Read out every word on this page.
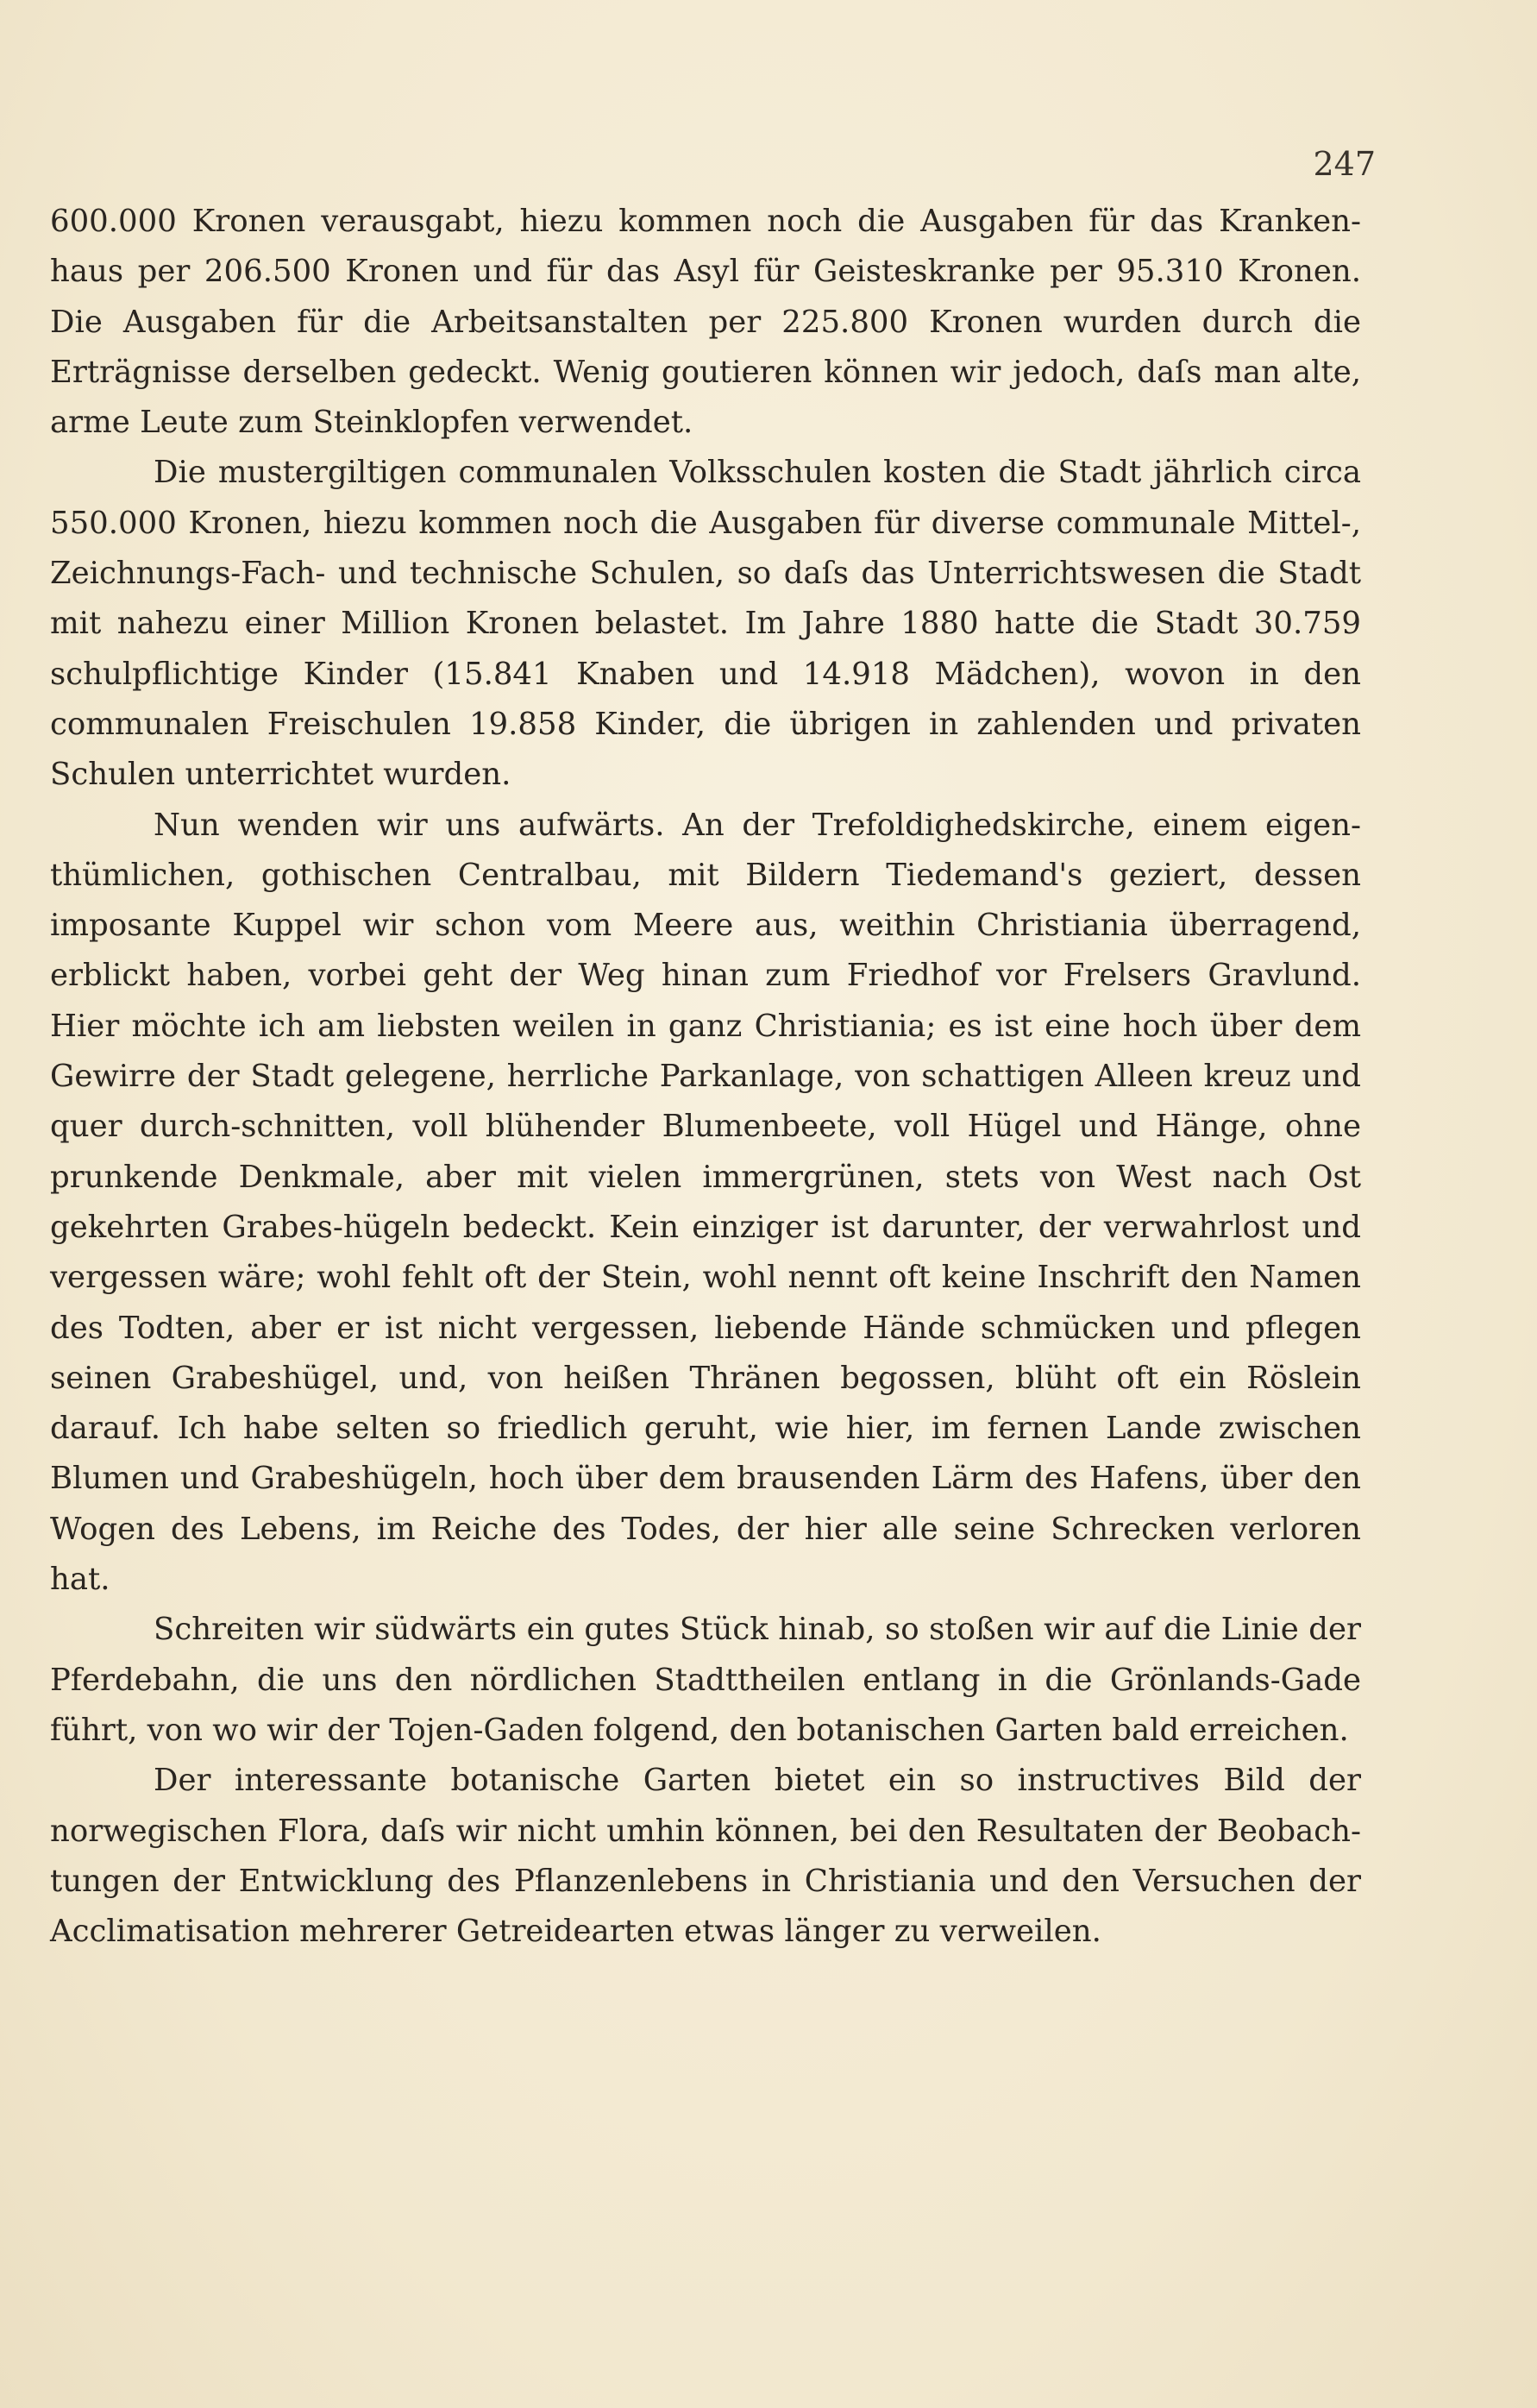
247

600.000 Kronen verausgabt, hiezu kommen noch die Ausgaben für das Kranken-haus per 206.500 Kronen und für das Asyl für Geisteskranke per 95.310 Kronen. Die Ausgaben für die Arbeitsanstalten per 225.800 Kronen wurden durch die Erträgnisse derselben gedeckt. Wenig goutieren können wir jedoch, daſs man alte, arme Leute zum Steinklopfen verwendet.

Die mustergiltigen communalen Volksschulen kosten die Stadt jährlich circa 550.000 Kronen, hiezu kommen noch die Ausgaben für diverse communale Mittel-, Zeichnungs-Fach- und technische Schulen, so daſs das Unterrichtswesen die Stadt mit nahezu einer Million Kronen belastet. Im Jahre 1880 hatte die Stadt 30.759 schulpflichtige Kinder (15.841 Knaben und 14.918 Mädchen), wovon in den communalen Freischulen 19.858 Kinder, die übrigen in zahlenden und privaten Schulen unterrichtet wurden.

Nun wenden wir uns aufwärts. An der Trefoldighedskirche, einem eigen-thümlichen, gothischen Centralbau, mit Bildern Tiedemand's geziert, dessen imposante Kuppel wir schon vom Meere aus, weithin Christiania überragend, erblickt haben, vorbei geht der Weg hinan zum Friedhof vor Frelsers Gravlund. Hier möchte ich am liebsten weilen in ganz Christiania; es ist eine hoch über dem Gewirre der Stadt gelegene, herrliche Parkanlage, von schattigen Alleen kreuz und quer durch-schnitten, voll blühender Blumenbeete, voll Hügel und Hänge, ohne prunkende Denkmale, aber mit vielen immergrünen, stets von West nach Ost gekehrten Grabes-hügeln bedeckt. Kein einziger ist darunter, der verwahrlost und vergessen wäre; wohl fehlt oft der Stein, wohl nennt oft keine Inschrift den Namen des Todten, aber er ist nicht vergessen, liebende Hände schmücken und pflegen seinen Grabeshügel, und, von heißen Thränen begossen, blüht oft ein Röslein darauf. Ich habe selten so friedlich geruht, wie hier, im fernen Lande zwischen Blumen und Grabeshügeln, hoch über dem brausenden Lärm des Hafens, über den Wogen des Lebens, im Reiche des Todes, der hier alle seine Schrecken verloren hat.

Schreiten wir südwärts ein gutes Stück hinab, so stoßen wir auf die Linie der Pferdebahn, die uns den nördlichen Stadttheilen entlang in die Grönlands-Gade führt, von wo wir der Tojen-Gaden folgend, den botanischen Garten bald erreichen.

Der interessante botanische Garten bietet ein so instructives Bild der norwegischen Flora, daſs wir nicht umhin können, bei den Resultaten der Beobach-tungen der Entwicklung des Pflanzenlebens in Christiania und den Versuchen der Acclimatisation mehrerer Getreidearten etwas länger zu verweilen.
